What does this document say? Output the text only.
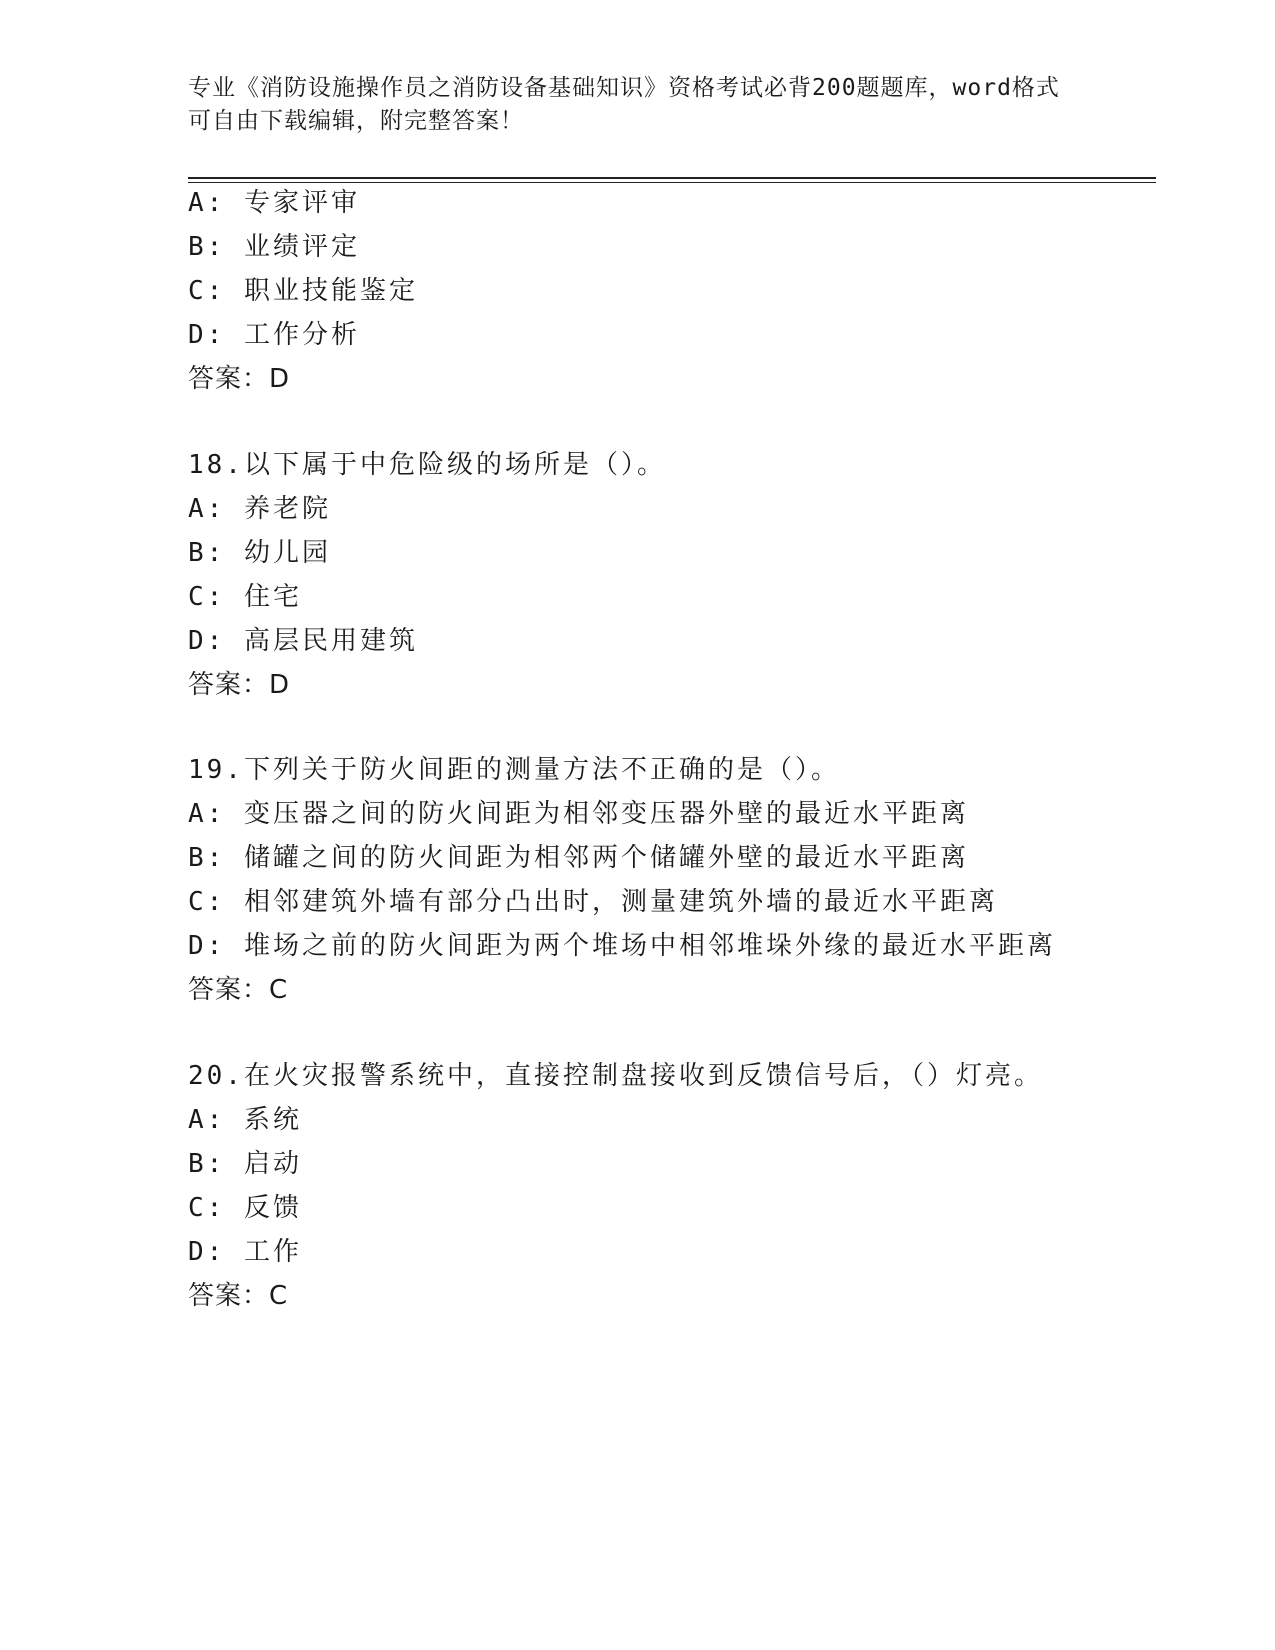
专业《消防设施操作员之消防设备基础知识》资格考试必背200题题库，word格式可自由下载编辑，附完整答案！
A: 专家评审
B: 业绩评定
C: 职业技能鉴定
D: 工作分析
答案：D
18.以下属于中危险级的场所是（）。
A: 养老院
B: 幼儿园
C: 住宅
D: 高层民用建筑
答案：D
19.下列关于防火间距的测量方法不正确的是（）。
A: 变压器之间的防火间距为相邻变压器外壁的最近水平距离
B: 储罐之间的防火间距为相邻两个储罐外壁的最近水平距离
C: 相邻建筑外墙有部分凸出时，测量建筑外墙的最近水平距离
D: 堆场之前的防火间距为两个堆场中相邻堆垛外缘的最近水平距离
答案：C
20.在火灾报警系统中，直接控制盘接收到反馈信号后，（）灯亮。
A: 系统
B: 启动
C: 反馈
D: 工作
答案：C
